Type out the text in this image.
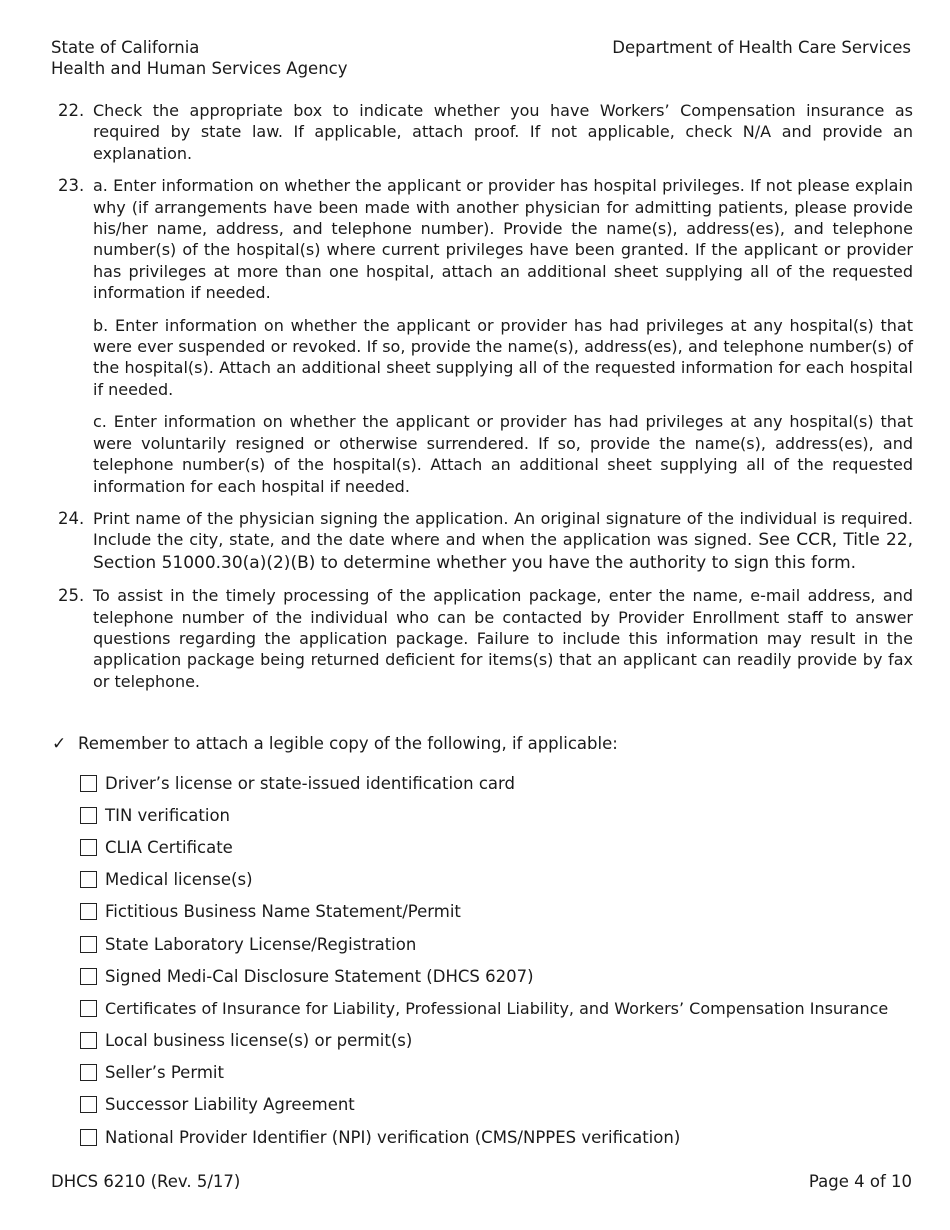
State of California
Health and Human Services Agency
Department of Health Care Services
22. Check the appropriate box to indicate whether you have Workers’ Compensation insurance as required by state law. If applicable, attach proof. If not applicable, check N/A and provide an explanation.

23. a. Enter information on whether the applicant or provider has hospital privileges. If not please explain why (if arrangements have been made with another physician for admitting patients, please provide his/her name, address, and telephone number). Provide the name(s), address(es), and telephone number(s) of the hospital(s) where current privileges have been granted. If the applicant or provider has privileges at more than one hospital, attach an additional sheet supplying all of the requested information if needed.

b. Enter information on whether the applicant or provider has had privileges at any hospital(s) that were ever suspended or revoked. If so, provide the name(s), address(es), and telephone number(s) of the hospital(s). Attach an additional sheet supplying all of the requested information for each hospital if needed.

c. Enter information on whether the applicant or provider has had privileges at any hospital(s) that were voluntarily resigned or otherwise surrendered. If so, provide the name(s), address(es), and telephone number(s) of the hospital(s). Attach an additional sheet supplying all of the requested information for each hospital if needed.

24. Print name of the physician signing the application. An original signature of the individual is required. Include the city, state, and the date where and when the application was signed. See CCR, Title 22, Section 51000.30(a)(2)(B) to determine whether you have the authority to sign this form.

25. To assist in the timely processing of the application package, enter the name, e-mail address, and telephone number of the individual who can be contacted by Provider Enrollment staff to answer questions regarding the application package. Failure to include this information may result in the application package being returned deficient for items(s) that an applicant can readily provide by fax or telephone.

✓ Remember to attach a legible copy of the following, if applicable:
Driver’s license or state-issued identification card
TIN verification
CLIA Certificate
Medical license(s)
Fictitious Business Name Statement/Permit
State Laboratory License/Registration
Signed Medi-Cal Disclosure Statement (DHCS 6207)
Certificates of Insurance for Liability, Professional Liability, and Workers’ Compensation Insurance
Local business license(s) or permit(s)
Seller’s Permit
Successor Liability Agreement
National Provider Identifier (NPI) verification (CMS/NPPES verification)
DHCS 6210 (Rev. 5/17)	Page 4 of 10
